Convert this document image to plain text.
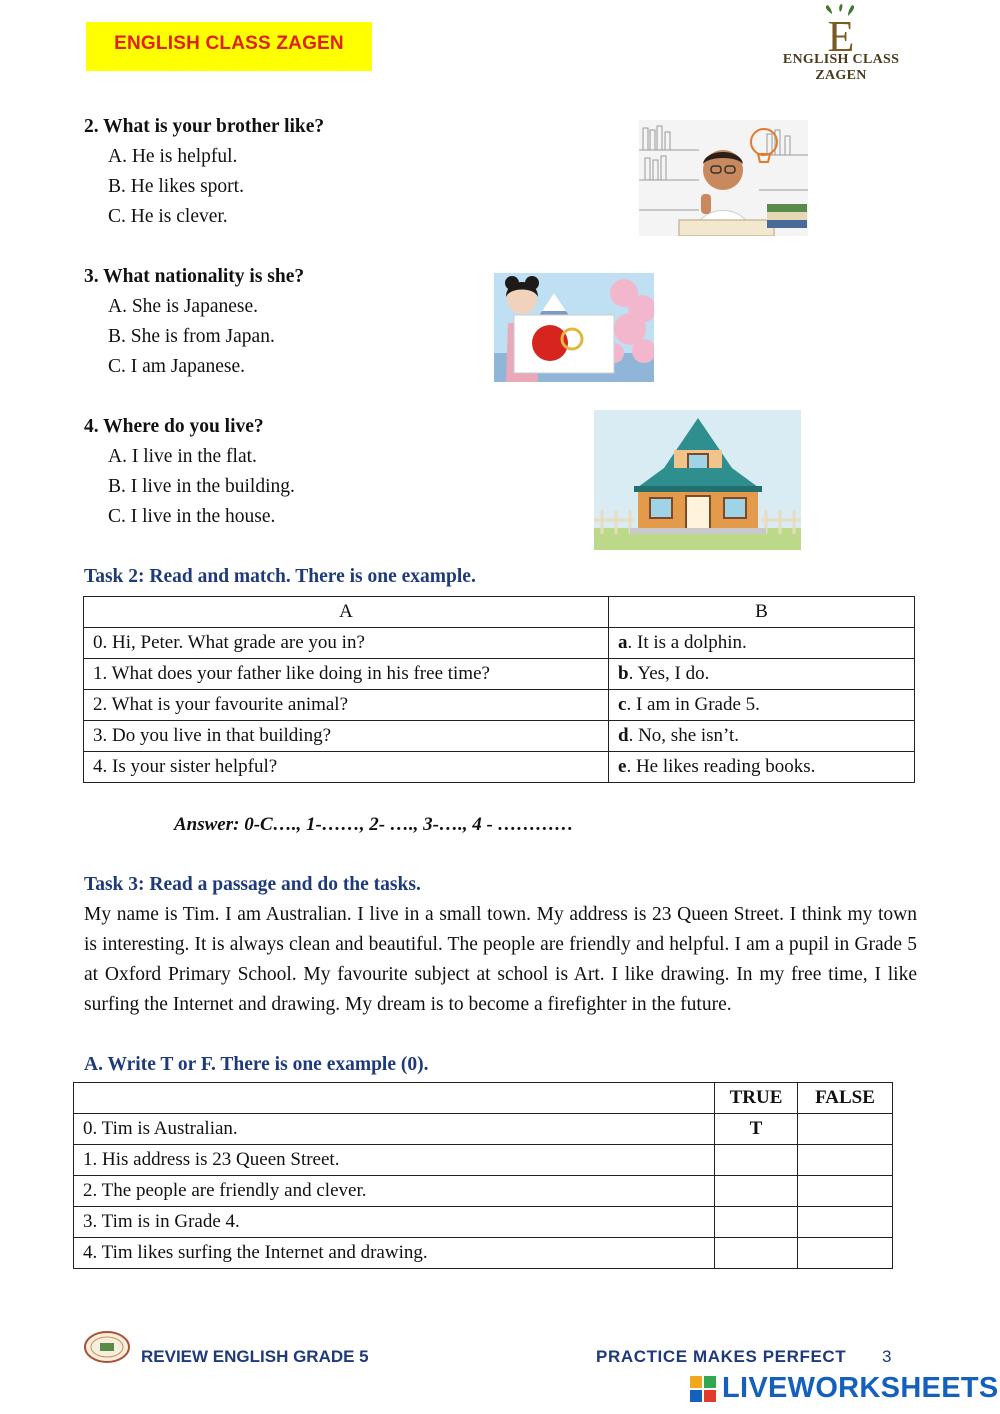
ENGLISH CLASS ZAGEN	E
ENGLISH CLASS ZAGEN
2. What is your brother like?
A. He is helpful.
B. He likes sport.
C. He is clever.
3. What nationality is she?
A. She is Japanese.
B. She is from Japan.
C. I am Japanese.
4. Where do you live?
A. I live in the flat.
B. I live in the building.
C. I live in the house.
Task 2: Read and match. There is one example.
A	B
0. Hi, Peter. What grade are you in?	a. It is a dolphin.
1. What does your father like doing in his free time?	b. Yes, I do.
2. What is your favourite animal?	c. I am in Grade 5.
3. Do you live in that building?	d. No, she isn’t.
4. Is your sister helpful?	e. He likes reading books.
Answer: 0-C…., 1-……, 2- …., 3-…., 4 - …………
Task 3: Read a passage and do the tasks.
My name is Tim. I am Australian. I live in a small town. My address is 23 Queen Street. I think my town is interesting. It is always clean and beautiful. The people are friendly and helpful. I am a pupil in Grade 5 at Oxford Primary School. My favourite subject at school is Art. I like drawing. In my free time, I like surfing the Internet and drawing. My dream is to become a firefighter in the future.
A. Write T or F. There is one example (0).
	TRUE	FALSE
0. Tim is Australian.	T	
1. His address is 23 Queen Street.		
2. The people are friendly and clever.		
3. Tim is in Grade 4.		
4. Tim likes surfing the Internet and drawing.		
REVIEW ENGLISH GRADE 5	PRACTICE MAKES PERFECT 3
LIVEWORKSHEETS
